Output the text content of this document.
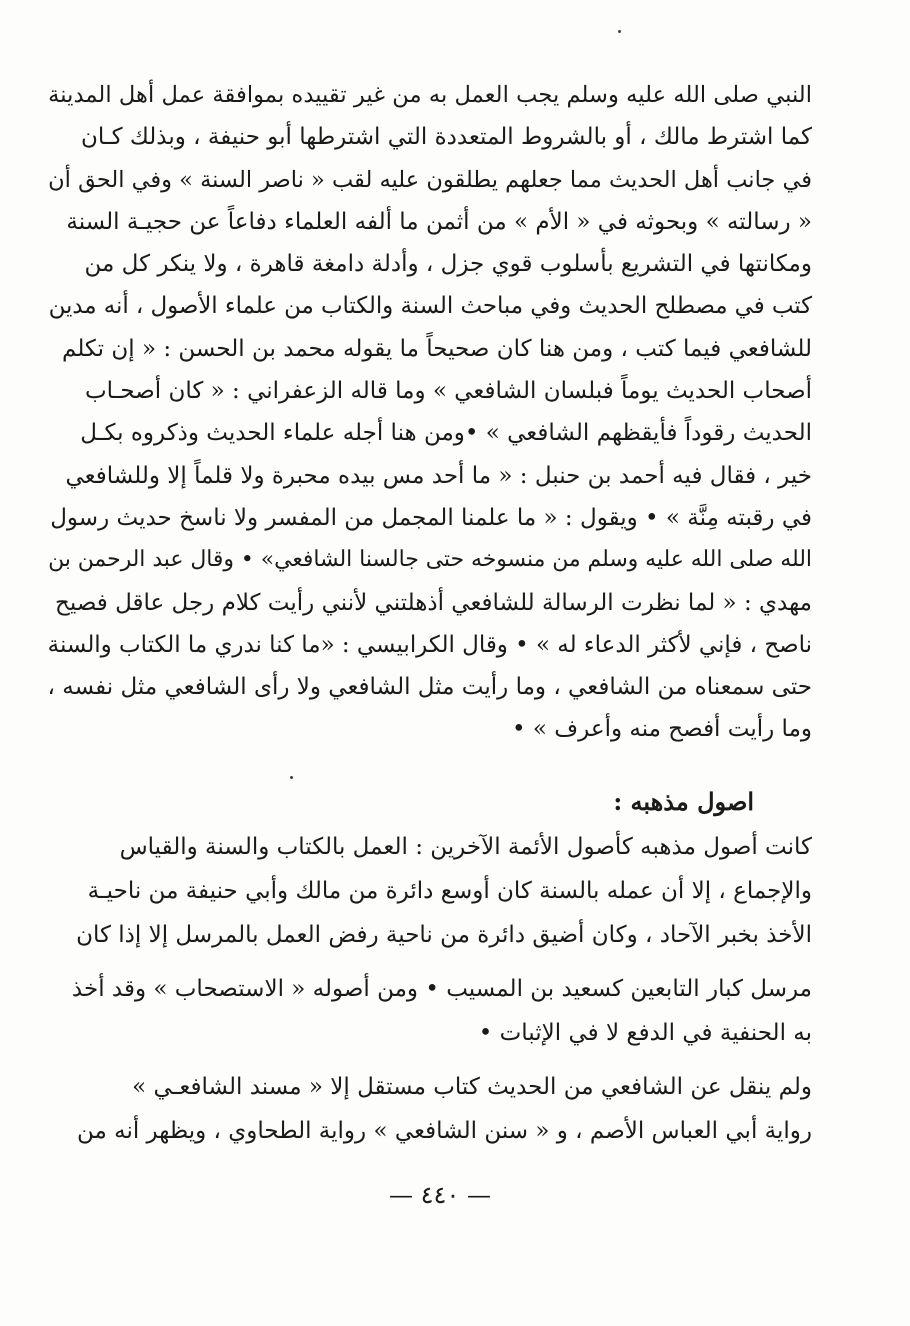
النبي صلى الله عليه وسلم يجب العمل به من غير تقييده بموافقة عمل أهل المدينة
كما اشترط مالك ، أو بالشروط المتعددة التي اشترطها أبو حنيفة ، وبذلك كـان
في جانب أهل الحديث مما جعلهم يطلقون عليه لقب « ناصر السنة » وفي الحق أن
« رسالته » وبحوثه في « الأم » من أثمن ما ألفه العلماء دفاعاً عن حجيـة السنة
ومكانتها في التشريع بأسلوب قوي جزل ، وأدلة دامغة قاهرة ، ولا ينكر كل من
كتب في مصطلح الحديث وفي مباحث السنة والكتاب من علماء الأصول ، أنه مدين
للشافعي فيما كتب ، ومن هنا كان صحيحاً ما يقوله محمد بن الحسن : « إن تكلم
أصحاب الحديث يوماً فبلسان الشافعي » وما قاله الزعفراني : « كان أصحـاب
الحديث رقوداً فأيقظهم الشافعي » •ومن هنا أجله علماء الحديث وذكروه بكـل
خير ، فقال فيه أحمد بن حنبل : « ما أحد مس بيده محبرة ولا قلماً إلا وللشافعي
في رقبته مِنَّة » • ويقول : « ما علمنا المجمل من المفسر ولا ناسخ حديث رسول
الله صلى الله عليه وسلم من منسوخه حتى جالسنا الشافعي» • وقال عبد الرحمن بن
مهدي : « لما نظرت الرسالة للشافعي أذهلتني لأنني رأيت كلام رجل عاقل فصيح
ناصح ، فإني لأكثر الدعاء له » • وقال الكرابيسي : «ما كنا ندري ما الكتاب والسنة
حتى سمعناه من الشافعي ، وما رأيت مثل الشافعي ولا رأى الشافعي مثل نفسه ،
وما رأيت أفصح منه وأعرف » •
اصول مذهبه :
كانت أصول مذهبه كأصول الأئمة الآخرين : العمل بالكتاب والسنة والقياس
والإجماع ، إلا أن عمله بالسنة كان أوسع دائرة من مالك وأبي حنيفة من ناحيـة
الأخذ بخبر الآحاد ، وكان أضيق دائرة من ناحية رفض العمل بالمرسل إلا إذا كان
مرسل كبار التابعين كسعيد بن المسيب • ومن أصوله « الاستصحاب » وقد أخذ
به الحنفية في الدفع لا في الإثبات •
ولم ينقل عن الشافعي من الحديث كتاب مستقل إلا « مسند الشافعـي »
رواية أبي العباس الأصم ، و « سنن الشافعي » رواية الطحاوي ، ويظهر أنه من
— ٤٤٠ —
